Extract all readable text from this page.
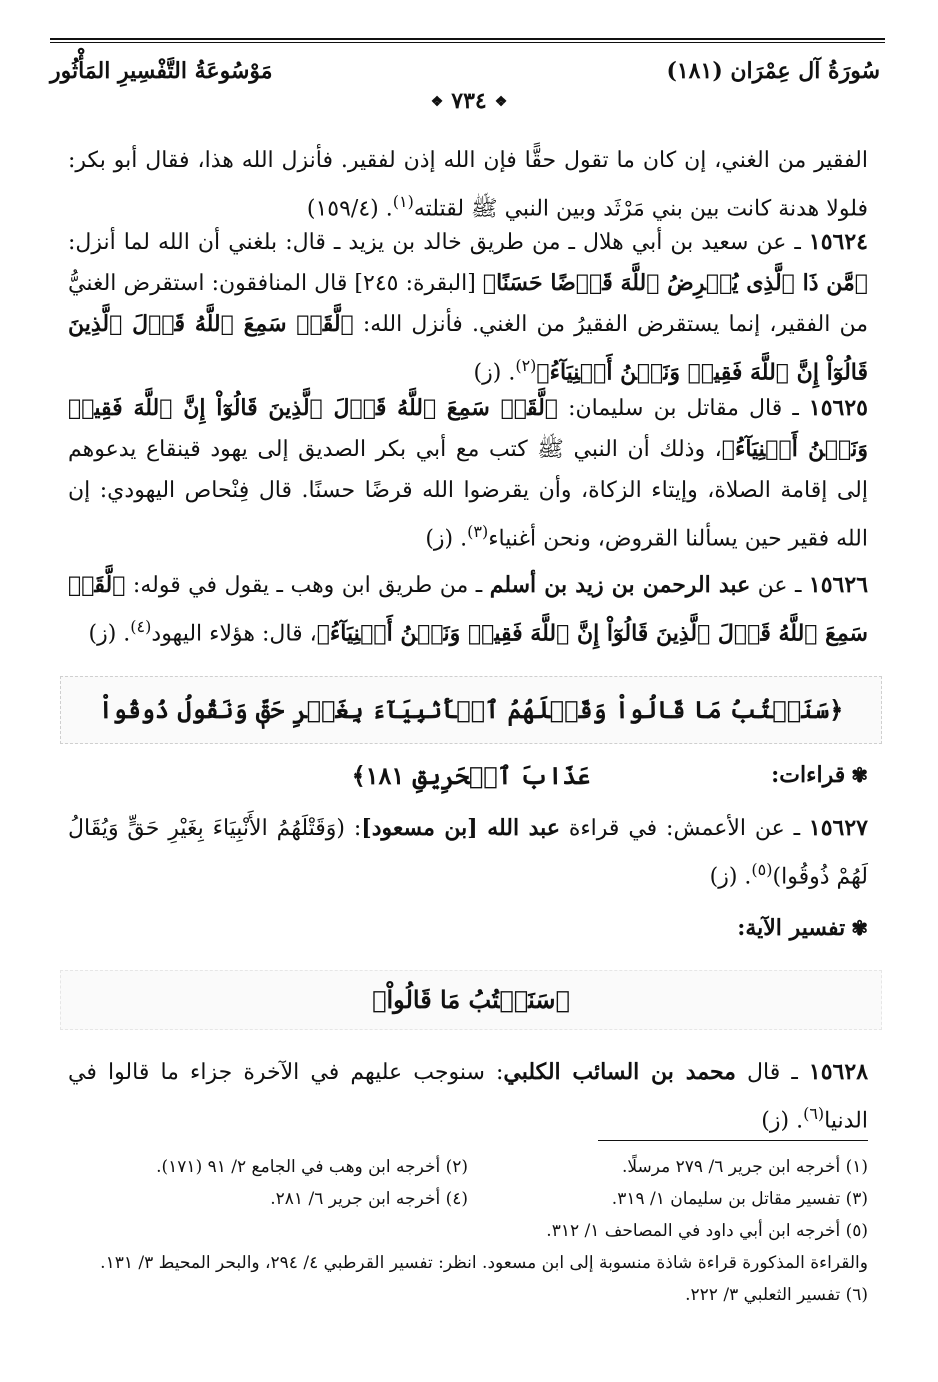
سُورَةُ آل عِمْرَان (١٨١)
مَوْسُوعَةُ التَّفْسِيرِ المَأْثُور
❖٧٣٤❖
الفقير من الغني، إن كان ما تقول حقًّا فإن الله إذن لفقير. فأنزل الله هذا، فقال أبو بكر: فلولا هدنة كانت بين بني مَرْثَد وبين النبي ﷺ لقتلته$^{(١)}$. (١٥٩/٤)
١٥٦٢٤ ـ عن سعيد بن أبي هلال ـ من طريق خالد بن يزيد ـ قال: بلغني أن الله لما أنزل: ﴿مَّن ذَا ٱلَّذِى يُقۡرِضُ ٱللَّهَ قَرۡضًا حَسَنًا﴾ [البقرة: ٢٤٥] قال المنافقون: استقرض الغنيُّ من الفقير، إنما يستقرض الفقيرُ من الغني. فأنزل الله: ﴿لَّقَدۡ سَمِعَ ٱللَّهُ قَوۡلَ ٱلَّذِينَ قَالُوٓاْ إِنَّ ٱللَّهَ فَقِيرٞ وَنَحۡنُ أَغۡنِيَآءُ﴾$^{(٢)}$. (ز)
١٥٦٢٥ ـ قال مقاتل بن سليمان: ﴿لَّقَدۡ سَمِعَ ٱللَّهُ قَوۡلَ ٱلَّذِينَ قَالُوٓاْ إِنَّ ٱللَّهَ فَقِيرٞ وَنَحۡنُ أَغۡنِيَآءُ﴾، وذلك أن النبي ﷺ كتب مع أبي بكر الصديق إلى يهود قينقاع يدعوهم إلى إقامة الصلاة، وإيتاء الزكاة، وأن يقرضوا الله قرضًا حسنًا. قال فِنْحاص اليهودي: إن الله فقير حين يسألنا القروض، ونحن أغنياء$^{(٣)}$. (ز)
١٥٦٢٦ ـ عن عبد الرحمن بن زيد بن أسلم ـ من طريق ابن وهب ـ يقول في قوله: ﴿لَّقَدۡ سَمِعَ ٱللَّهُ قَوۡلَ ٱلَّذِينَ قَالُوٓاْ إِنَّ ٱللَّهَ فَقِيرٞ وَنَحۡنُ أَغۡنِيَآءُ﴾، قال: هؤلاء اليهود$^{(٤)}$. (ز)
﴿سَنَكۡتُبُ مَا قَالُواْ وَقَتۡلَهُمُ ٱلۡأَنۢبِيَآءَ بِغَيۡرِ حَقّٖ وَنَقُولُ ذُوقُواْ عَذَابَ ٱلۡحَرِيقِ ١٨١﴾	✾قراءات:
١٥٦٢٧ ـ عن الأعمش: في قراءة عبد الله [بن مسعود]: (وَقَتْلَهُمُ الأَنْبِيَاءَ بِغَيْرِ حَقٍّ وَيُقَالُ لَهُمْ ذُوقُوا)$^{(٥)}$. (ز)
✾تفسير الآية:
﴿سَنَكۡتُبُ مَا قَالُواْ﴾
١٥٦٢٨ ـ قال محمد بن السائب الكلبي: سنوجب عليهم في الآخرة جزاء ما قالوا في الدنيا$^{(٦)}$. (ز)
(١) أخرجه ابن جرير ٦/ ٢٧٩ مرسلًا.
(٢) أخرجه ابن وهب في الجامع ٢/ ٩١ (١٧١).
(٣) تفسير مقاتل بن سليمان ١/ ٣١٩.
(٤) أخرجه ابن جرير ٦/ ٢٨١.
(٥) أخرجه ابن أبي داود في المصاحف ١/ ٣١٢.
والقراءة المذكورة قراءة شاذة منسوبة إلى ابن مسعود. انظر: تفسير القرطبي ٤/ ٢٩٤، والبحر المحيط ٣/ ١٣١.
(٦) تفسير الثعلبي ٣/ ٢٢٢.
